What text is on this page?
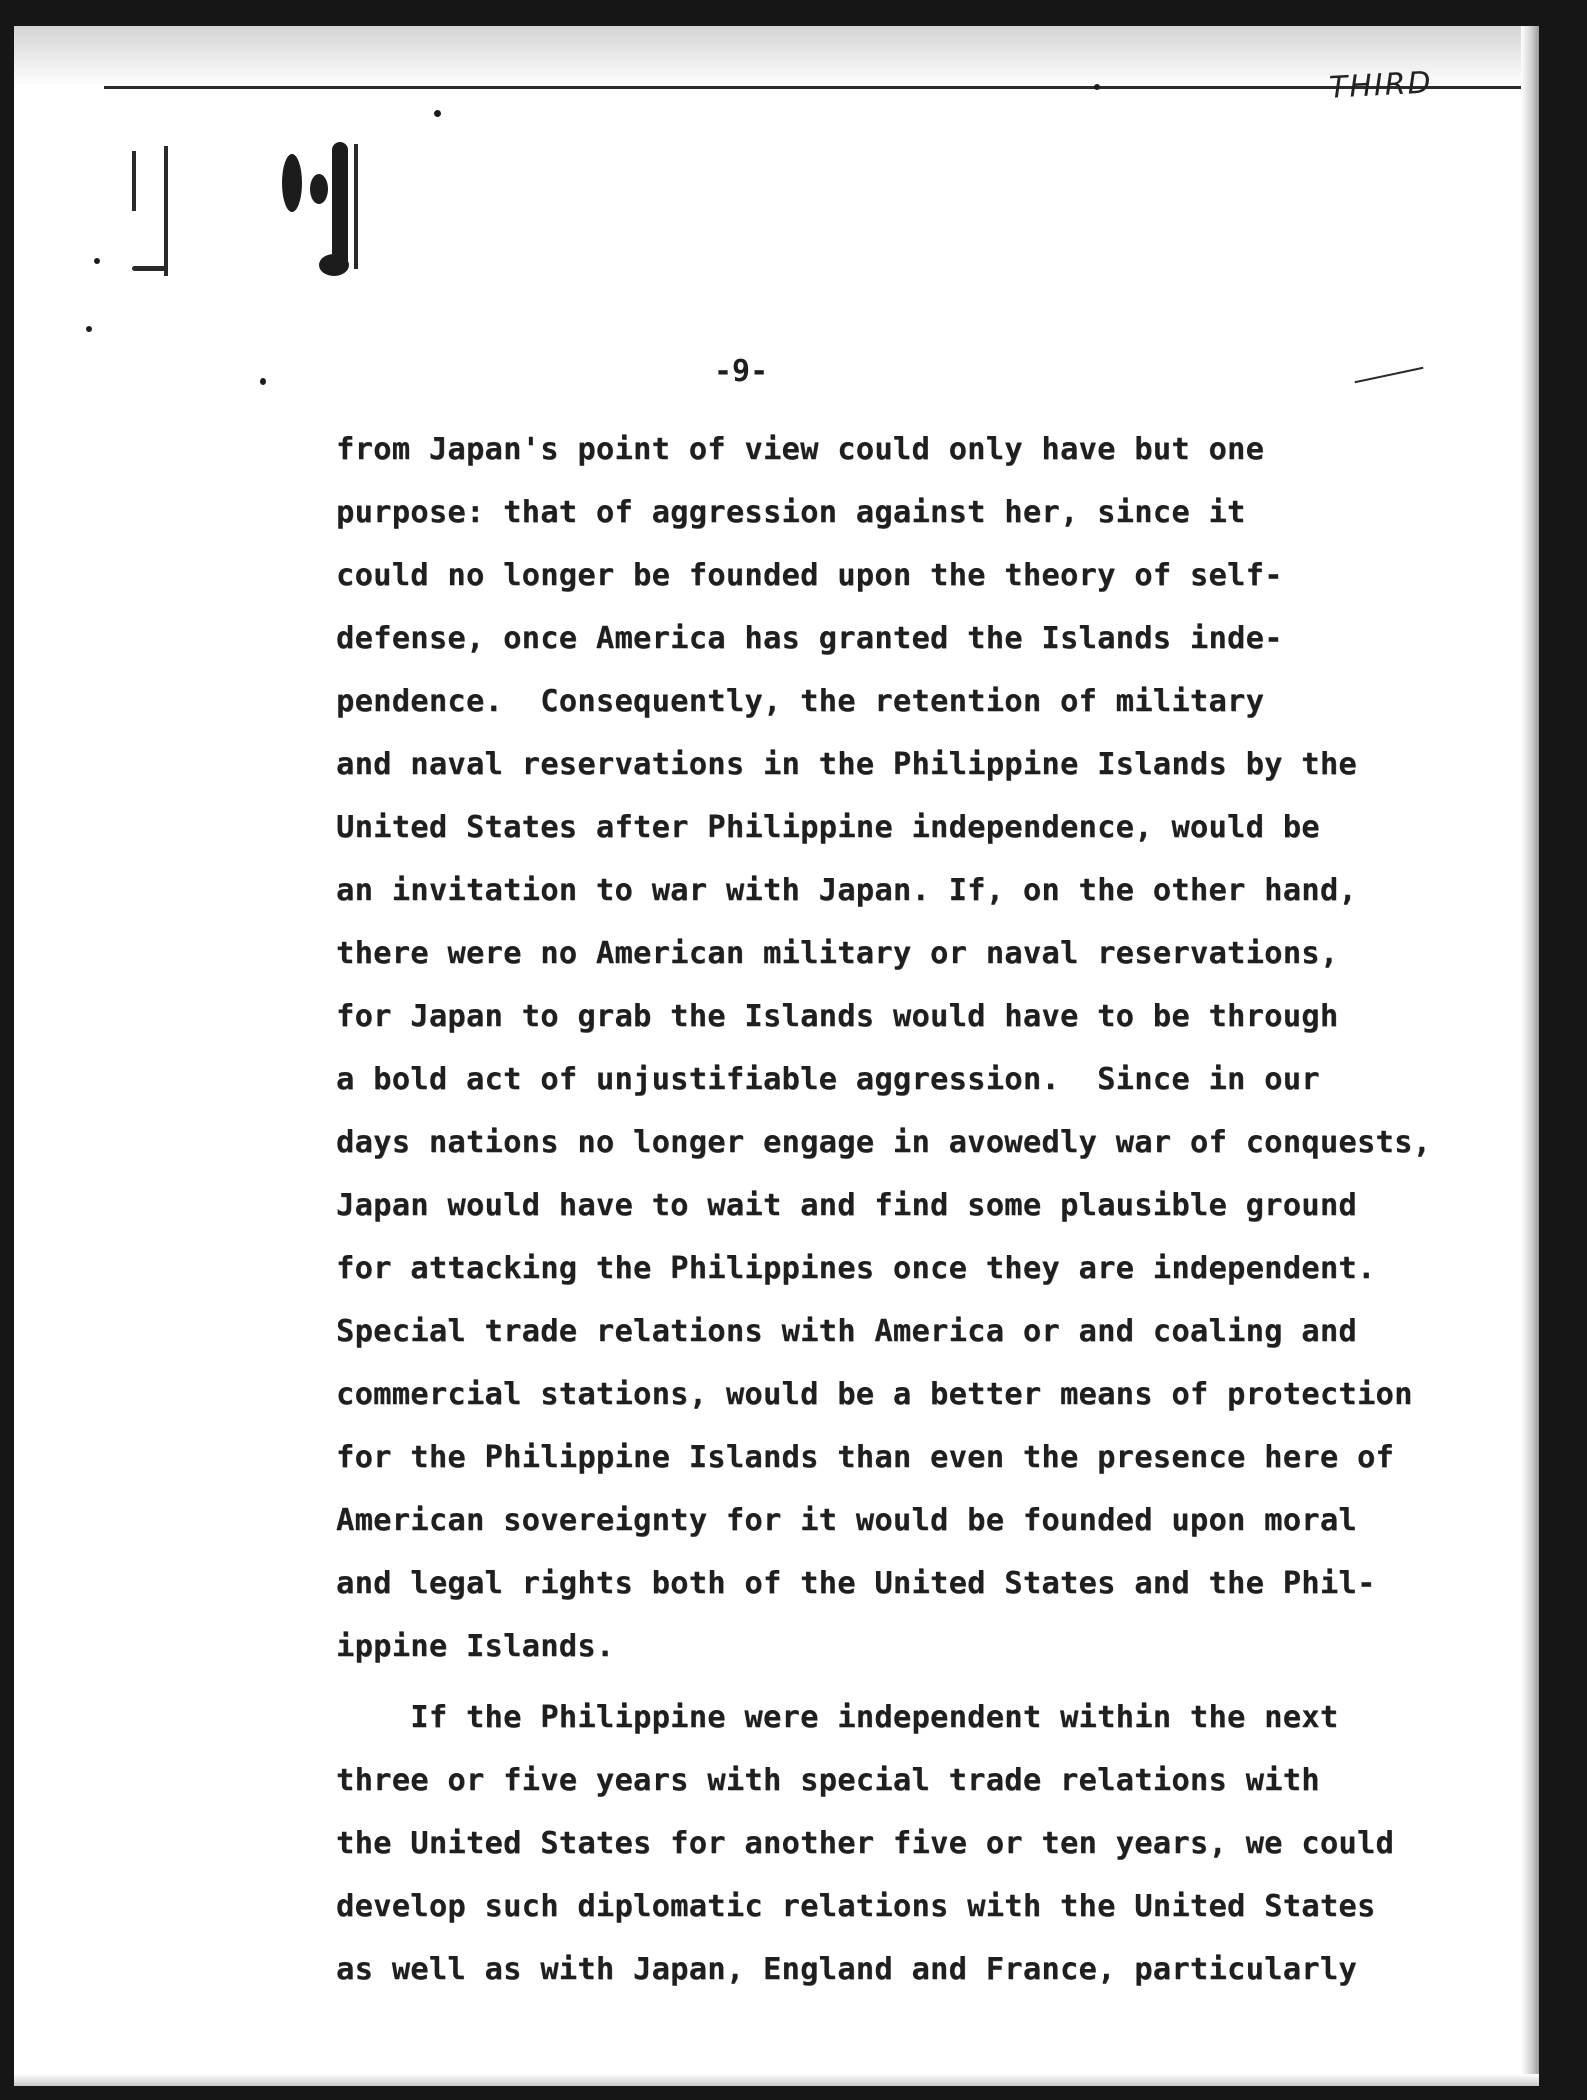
THIRD

-9-

from Japan's point of view could only have but one
purpose: that of aggression against her, since it
could no longer be founded upon the theory of self-
defense, once America has granted the Islands inde-
pendence.  Consequently, the retention of military
and naval reservations in the Philippine Islands by the
United States after Philippine independence, would be
an invitation to war with Japan. If, on the other hand,
there were no American military or naval reservations,
for Japan to grab the Islands would have to be through
a bold act of unjustifiable aggression.  Since in our
days nations no longer engage in avowedly war of conquests,
Japan would have to wait and find some plausible ground
for attacking the Philippines once they are independent.
Special trade relations with America or and coaling and
commercial stations, would be a better means of protection
for the Philippine Islands than even the presence here of
American sovereignty for it would be founded upon moral
and legal rights both of the United States and the Phil-
ippine Islands.
If the Philippine were independent within the next
three or five years with special trade relations with
the United States for another five or ten years, we could
develop such diplomatic relations with the United States
as well as with Japan, England and France, particularly
